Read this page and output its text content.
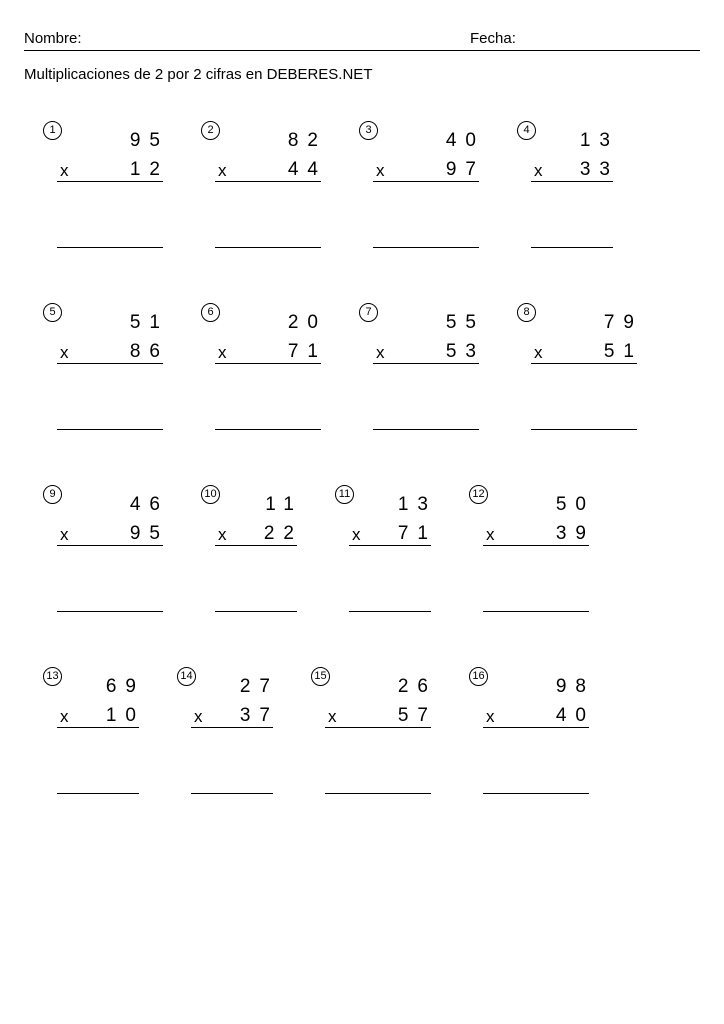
Nombre:	Fecha:
Multiplicaciones de 2 por 2 cifras en DEBERES.NET
1	95
x	12
2	82
x	44
3	40
x	97
4	13
x 33
5	51
x	86
6	20
x	71
7	55
x	53
8	79
x	51
9	46
x	95
10	11
x 22
11	13
x 71
12	50
x	39
13 69
x 10
14 27
x 37
15	26
x	57
16	98
x	40
